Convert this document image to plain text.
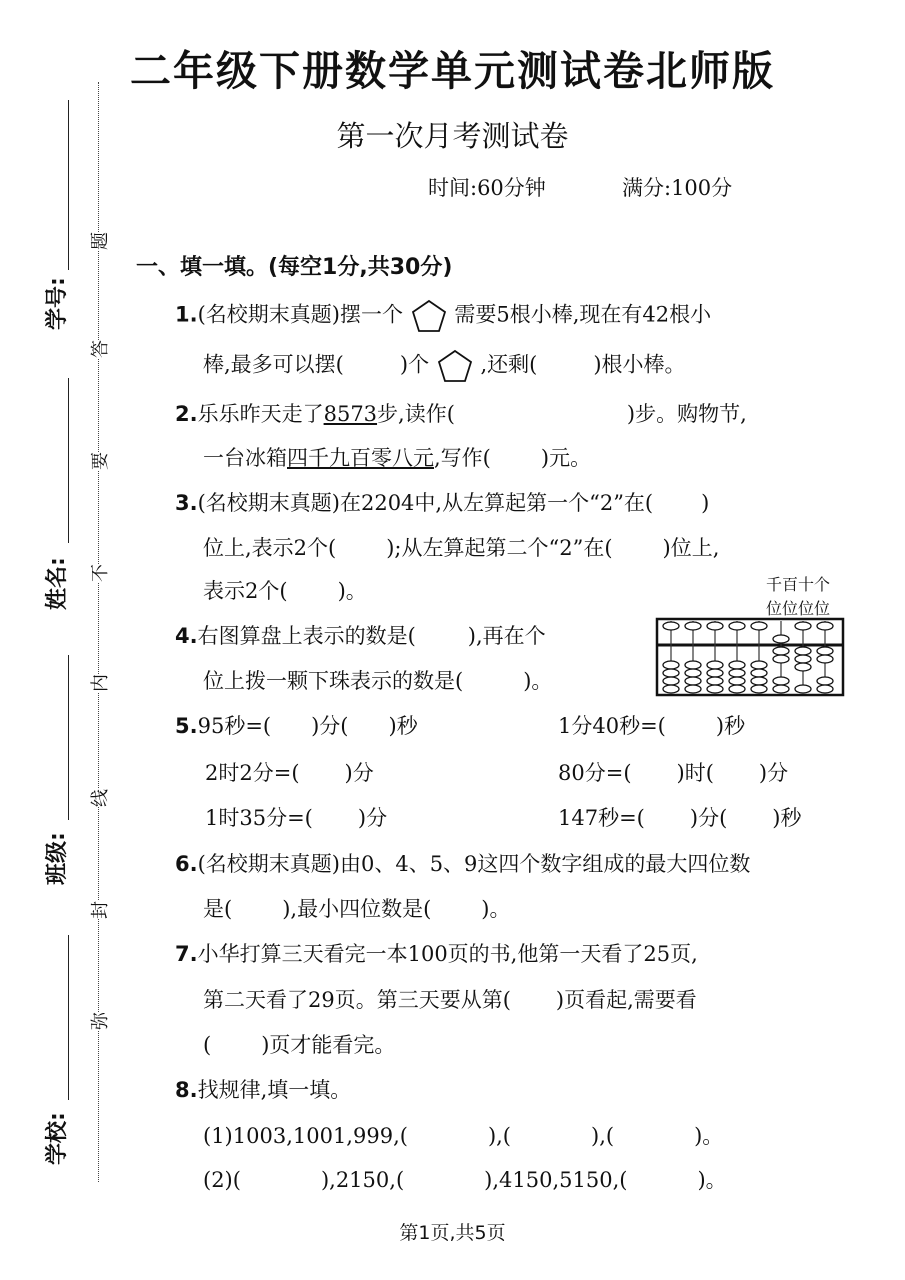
二年级下册数学单元测试卷北师版
第一次月考测试卷
时间:60分钟	满分:100分
学号:
姓名:
班级:
学校:
题
答
要
不
内
线
封
弥
一、填一填。(每空1分,共30分)
1.(名校期末真题)摆一个 需要5根小棒,现在有42根小
棒,最多可以摆(	)个 ,还剩(	)根小棒。
2.乐乐昨天走了8573步,读作(	)步。购物节,
一台冰箱四千九百零八元,写作( )元。
3.(名校期末真题)在2204中,从左算起第一个“2”在( )
位上,表示2个( );从左算起第二个“2”在( )位上,
表示2个( )。
4.右图算盘上表示的数是( ),再在个
位上拨一颗下珠表示的数是(	)。
千百十个
位位位位
5.95秒=( )分( )秒	1分40秒=( )秒
2时2分=( )分	80分=( )时( )分
1时35分=( )分	147秒=( )分( )秒
6.(名校期末真题)由0、4、5、9这四个数字组成的最大四位数
是( ),最小四位数是( )。
7.小华打算三天看完一本100页的书,他第一天看了25页,
第二天看了29页。第三天要从第( )页看起,需要看
( )页才能看完。
8.找规律,填一填。
(1)1003,1001,999,(	),(	),(	)。
(2)(	),2150,(	),4150,5150,(	)。
第1页,共5页
